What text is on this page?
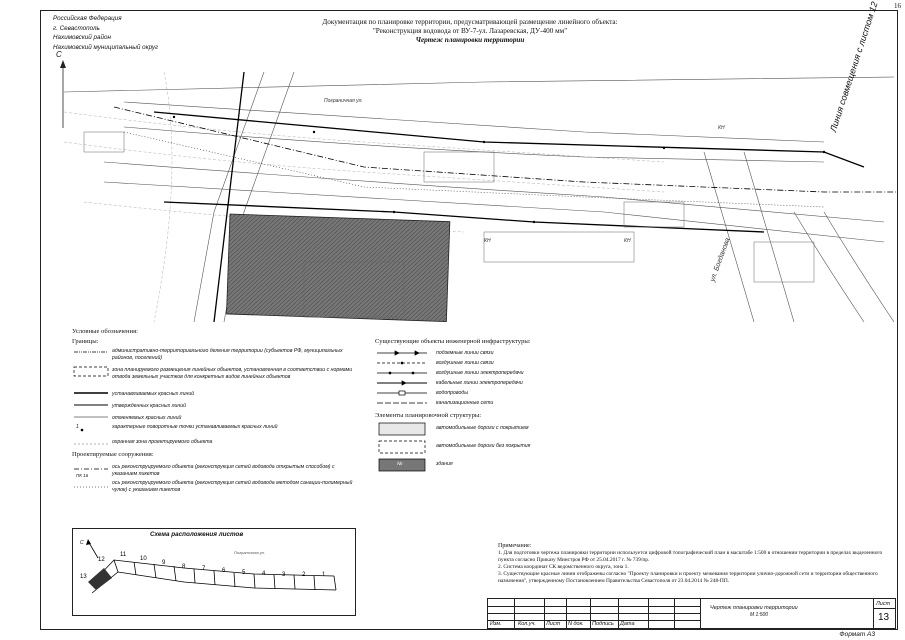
16
Российская Федерация
г. Севастополь
Нахимовский район
Нахимовский муниципальный округ
Документация по планировке территории, предусматривающей размещение линейного объекта:
"Реконструкция водовода от ВУ-7-ул. Лазаревская, ДУ-400 мм"
Чертеж планировки территории
С
Пограничная ул.
КН
КН	КН	ул. Богданова
Линия совмещения с листом 12
Условные обозначения:
Границы:
1
административно-территориального деления территории (субъектов РФ, муниципальных районов, поселений)
зона планируемого размещения линейных объектов, установленная в соответствии с нормами отвода земельных участков для конкретных видов линейных объектов
устанавливаемых красных линий
утвержденных красных линий
отменяемых красных линий
характерные поворотные точки устанавливаемых красных линий
охранная зона проектируемого объекта
Проектируемые сооружения:
ПК 16
ось реконструируемого объекта (реконструкция сетей водовода открытым способом) с указанием пикетов
ось реконструируемого объекта (реконструкция сетей водовода методом санации-полимерный чулок) с указанием пикетов
Существующие объекты инженерной инфраструктуры:
подземные линии связи
воздушные линии связи
воздушные линии электропередачи
кабельные линии электропередачи
водопроводы
канализационные сети
Элементы планировочной структуры:
№
автомобильные дороги с покрытием
автомобильные дороги без покрытия
здания
Схема расположения листов
Пограничная ул.
13
12
11
10
9
8	7	6	5	4	3	2	1
С	Примечание:
1. Для подготовки чертежа планировки территории используется цифровой топографический план в масштабе 1:500 в отношении территории в пределах выделенного пункта согласно Приказу Минстроя РФ от 25.04.2017 г. № 739/пр.
2. Система координат СК ведомственного округа, зона 1.
3. Существующие красные линии отображены согласно "Проекту планировки и проекту межевания территории улично-дорожной сети и территории общественного назначения", утвержденному Постановлением Правительства Севастополя от 23.04.2014 № 248-ПП.
Изм.	Кол.уч. Лист N док. Подпись Дата
Чертеж планировки территории
М 1:500
Лист
13
Формат А3
